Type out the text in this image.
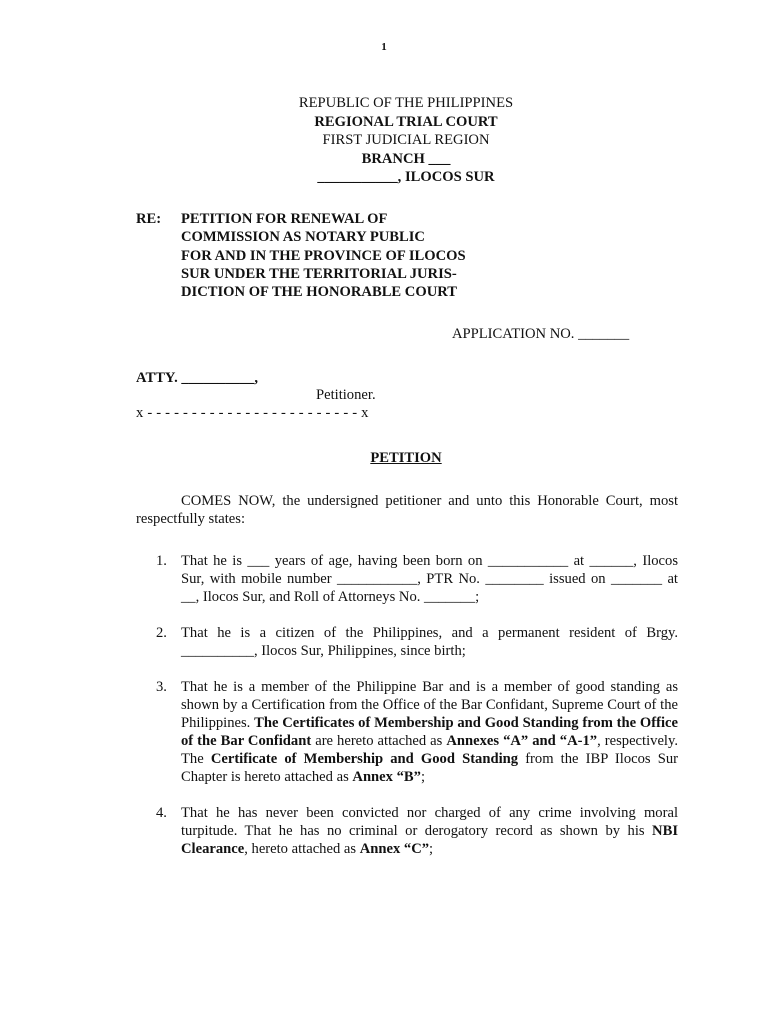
1
REPUBLIC OF THE PHILIPPINES
REGIONAL TRIAL COURT
FIRST JUDICIAL REGION
BRANCH ___
___________, ILOCOS SUR
RE: PETITION FOR RENEWAL OF
COMMISSION AS NOTARY PUBLIC
FOR AND IN THE PROVINCE OF ILOCOS
SUR UNDER THE TERRITORIAL JURIS-
DICTION OF THE HONORABLE COURT
APPLICATION NO. _______
ATTY. __________,
Petitioner.
x - - - - - - - - - - - - - - - - - - - - - - - - x
PETITION
COMES NOW, the undersigned petitioner and unto this Honorable Court, most respectfully states:
1. That he is ___ years of age, having been born on ___________ at ______, Ilocos Sur, with mobile number ___________, PTR No. ________ issued on _______ at __, Ilocos Sur, and Roll of Attorneys No. _______;
2. That he is a citizen of the Philippines, and a permanent resident of Brgy. __________, Ilocos Sur, Philippines, since birth;
3. That he is a member of the Philippine Bar and is a member of good standing as shown by a Certification from the Office of the Bar Confidant, Supreme Court of the Philippines. The Certificates of Membership and Good Standing from the Office of the Bar Confidant are hereto attached as Annexes “A” and “A-1”, respectively. The Certificate of Membership and Good Standing from the IBP Ilocos Sur Chapter is hereto attached as Annex “B”;
4. That he has never been convicted nor charged of any crime involving moral turpitude. That he has no criminal or derogatory record as shown by his NBI Clearance, hereto attached as Annex “C”;
